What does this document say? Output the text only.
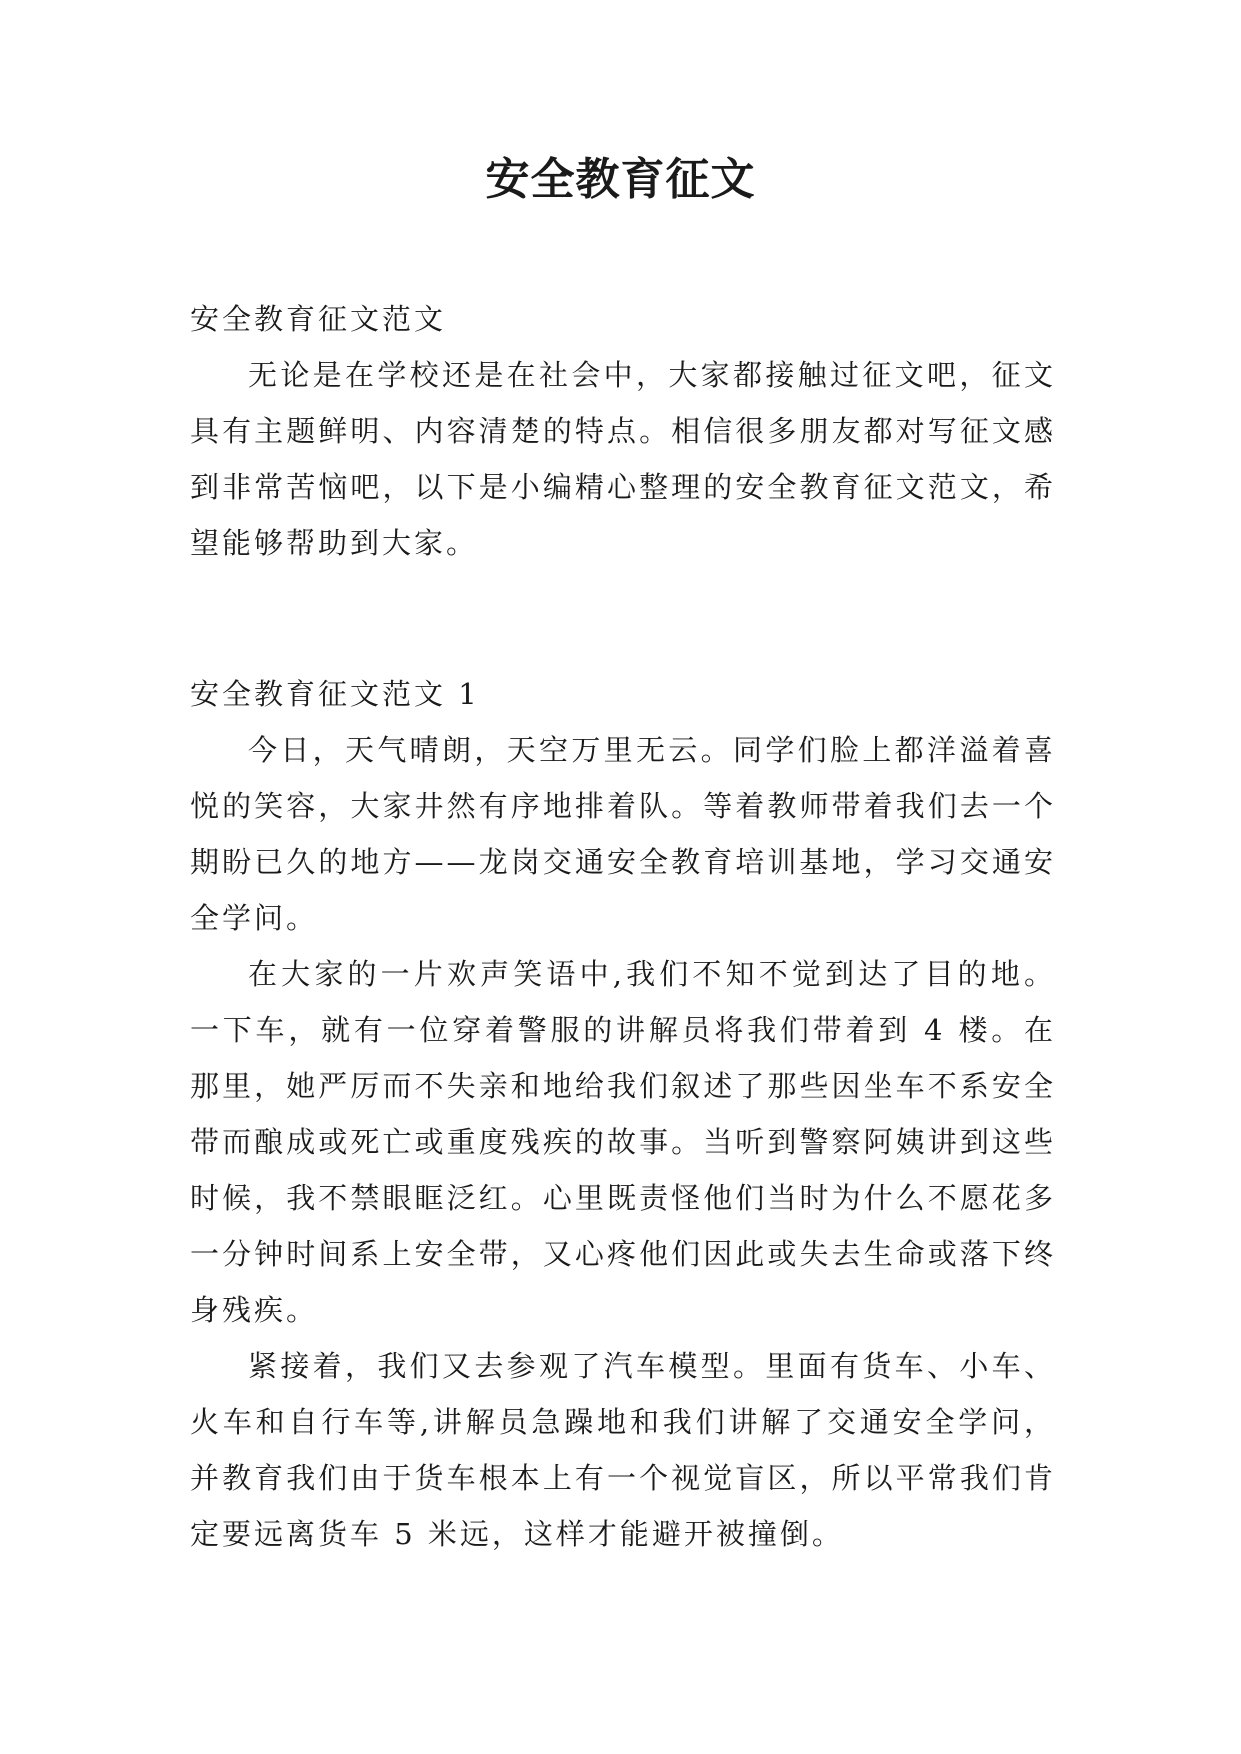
安全教育征文

安全教育征文范文

无论是在学校还是在社会中，大家都接触过征文吧，征文具有主题鲜明、内容清楚的特点。相信很多朋友都对写征文感到非常苦恼吧，以下是小编精心整理的安全教育征文范文，希望能够帮助到大家。

安全教育征文范文 1

今日，天气晴朗，天空万里无云。同学们脸上都洋溢着喜悦的笑容，大家井然有序地排着队。等着教师带着我们去一个期盼已久的地方——龙岗交通安全教育培训基地，学习交通安全学问。

在大家的一片欢声笑语中,我们不知不觉到达了目的地。一下车，就有一位穿着警服的讲解员将我们带着到 4 楼。在那里，她严厉而不失亲和地给我们叙述了那些因坐车不系安全带而酿成或死亡或重度残疾的故事。当听到警察阿姨讲到这些时候，我不禁眼眶泛红。心里既责怪他们当时为什么不愿花多一分钟时间系上安全带，又心疼他们因此或失去生命或落下终身残疾。

紧接着，我们又去参观了汽车模型。里面有货车、小车、火车和自行车等,讲解员急躁地和我们讲解了交通安全学问，并教育我们由于货车根本上有一个视觉盲区，所以平常我们肯定要远离货车 5 米远，这样才能避开被撞倒。
